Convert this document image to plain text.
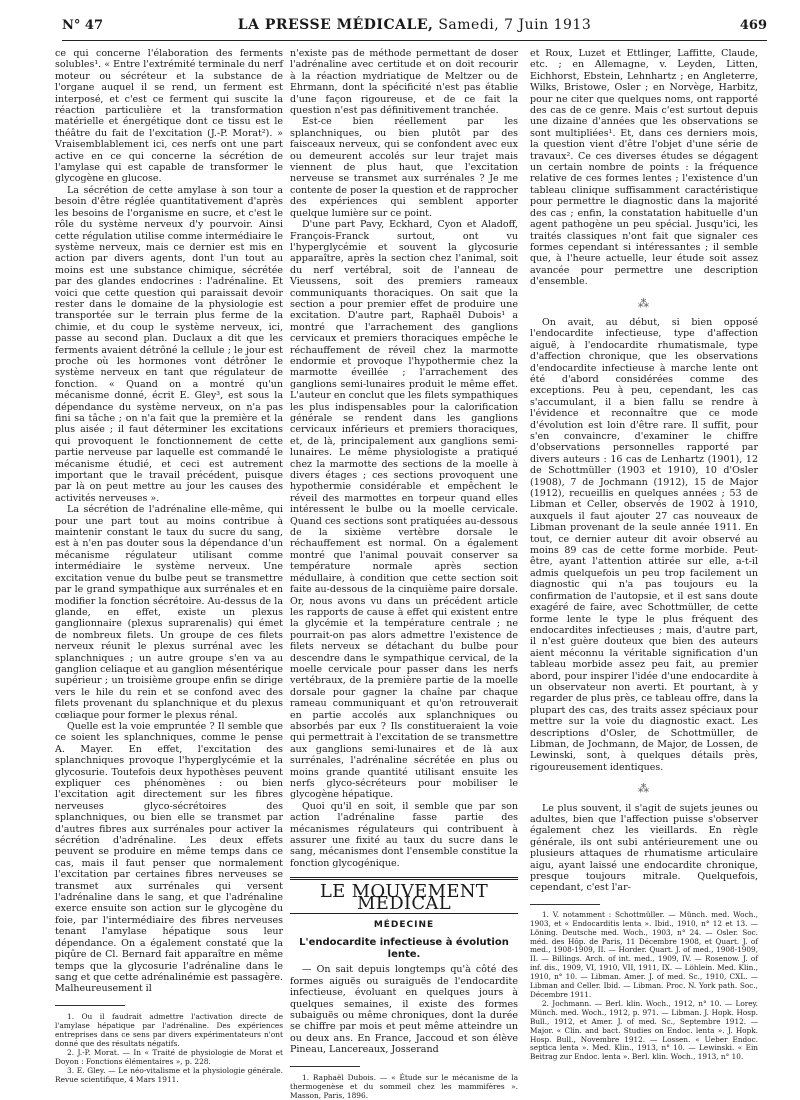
N° 47	LA PRESSE MÉDICALE, Samedi, 7 Juin 1913	469

ce qui concerne l'élaboration des ferments solubles¹. « Entre l'extrémité terminale du nerf moteur ou sécréteur et la substance de l'organe auquel il se rend, un ferment est interposé, et c'est ce ferment qui suscite la réaction particulière et la transformation matérielle et énergétique dont ce tissu est le théâtre du fait de l'excitation (J.-P. Morat²). » Vraisemblablement ici, ces nerfs ont une part active en ce qui concerne la sécrétion de l'amylase qui est capable de transformer le glycogène en glucose.

La sécrétion de cette amylase à son tour a besoin d'être réglée quantitativement d'après les besoins de l'organisme en sucre, et c'est le rôle du système nerveux d'y pourvoir. Ainsi cette régulation utilise comme intermédiaire le système nerveux, mais ce dernier est mis en action par divers agents, dont l'un tout au moins est une substance chimique, sécrétée par des glandes endocrines : l'adrénaline. Et voici que cette question qui paraissait devoir rester dans le domaine de la physiologie est transportée sur le terrain plus ferme de la chimie, et du coup le système nerveux, ici, passe au second plan. Duclaux a dit que les ferments avaient détrôné la cellule ; le jour est proche où les hormones vont détrôner le système nerveux en tant que régulateur de fonction. « Quand on a montré qu'un mécanisme donné, écrit E. Gley³, est sous la dépendance du système nerveux, on n'a pas fini sa tâche ; on n'a fait que la première et la plus aisée ; il faut déterminer les excitations qui provoquent le fonctionnement de cette partie nerveuse par laquelle est commandé le mécanisme étudié, et ceci est autrement important que le travail précédent, puisque par là on peut mettre au jour les causes des activités nerveuses ».

La sécrétion de l'adrénaline elle-même, qui pour une part tout au moins contribue à maintenir constant le taux du sucre du sang, est à n'en pas douter sous la dépendance d'un mécanisme régulateur utilisant comme intermédiaire le système nerveux. Une excitation venue du bulbe peut se transmettre par le grand sympathique aux surrénales et en modifier la fonction sécrétoire. Au-dessus de la glande, en effet, existe un plexus ganglionnaire (plexus suprarenalis) qui émet de nombreux filets. Un groupe de ces filets nerveux réunit le plexus surrénal avec les splanchniques ; un autre groupe s'en va au ganglion celiaque et au ganglion mésentérique supérieur ; un troisième groupe enfin se dirige vers le hile du rein et se confond avec des filets provenant du splanchnique et du plexus cœliaque pour former le plexus rénal.

Quelle est la voie empruntée ? Il semble que ce soient les splanchniques, comme le pense A. Mayer. En effet, l'excitation des splanchniques provoque l'hyperglycémie et la glycosurie. Toutefois deux hypothèses peuvent expliquer ces phénomènes : ou bien l'excitation agit directement sur les fibres nerveuses glyco-sécrétoires des splanchniques, ou bien elle se transmet par d'autres fibres aux surrénales pour activer la sécrétion d'adrénaline. Les deux effets peuvent se produire en même temps dans ce cas, mais il faut penser que normalement l'excitation par certaines fibres nerveuses se transmet aux surrénales qui versent l'adrénaline dans le sang, et que l'adrénaline exerce ensuite son action sur le glycogène du foie, par l'intermédiaire des fibres nerveuses tenant l'amylase hépatique sous leur dépendance. On a également constaté que la piqûre de Cl. Bernard fait apparaître en même temps que la glycosurie l'adrénaline dans le sang et que cette adrénalinémie est passagère. Malheureusement il

1. Ou il faudrait admettre l'activation directe de l'amylase hépatique par l'adrénaline. Des expériences entreprises dans ce sens par divers expérimentateurs n'ont donné que des résultats négatifs.

2. J.-P. Morat. — In « Traité de physiologie de Morat et Doyon : Fonctions élémentaires », p. 228.

3. E. Gley. — Le néo-vitalisme et la physiologie générale. Revue scientifique, 4 Mars 1911.

n'existe pas de méthode permettant de doser l'adrénaline avec certitude et on doit recourir à la réaction mydriatique de Meltzer ou de Ehrmann, dont la spécificité n'est pas établie d'une façon rigoureuse, et de ce fait la question n'est pas définitivement tranchée.

Est-ce bien réellement par les splanchniques, ou bien plutôt par des faisceaux nerveux, qui se confondent avec eux ou demeurent accolés sur leur trajet mais viennent de plus haut, que l'excitation nerveuse se transmet aux surrénales ? Je me contente de poser la question et de rapprocher des expériences qui semblent apporter quelque lumière sur ce point.

D'une part Pavy, Eckhard, Cyon et Aladoff, François-Franck surtout, ont vu l'hyperglycémie et souvent la glycosurie apparaître, après la section chez l'animal, soit du nerf vertébral, soit de l'anneau de Vieussens, soit des premiers rameaux communiquants thoraciques. On sait que la section a pour premier effet de produire une excitation. D'autre part, Raphaël Dubois¹ a montré que l'arrachement des ganglions cervicaux et premiers thoraciques empêche le réchauffement de réveil chez la marmotte endormie et provoque l'hypothermie chez la marmotte éveillée ; l'arrachement des ganglions semi-lunaires produit le même effet. L'auteur en conclut que les filets sympathiques les plus indispensables pour la calorification générale se rendent dans les ganglions cervicaux inférieurs et premiers thoraciques, et, de là, principalement aux ganglions semi-lunaires. Le même physiologiste a pratiqué chez la marmotte des sections de la moelle à divers étages ; ces sections provoquent une hypothermie considérable et empêchent le réveil des marmottes en torpeur quand elles intéressent le bulbe ou la moelle cervicale. Quand ces sections sont pratiquées au-dessous de la sixième vertèbre dorsale le réchauffement est normal. On a également montré que l'animal pouvait conserver sa température normale après section médullaire, à condition que cette section soit faite au-dessous de la cinquième paire dorsale. Or, nous avons vu dans un précédent article les rapports de cause à effet qui existent entre la glycémie et la température centrale ; ne pourrait-on pas alors admettre l'existence de filets nerveux se détachant du bulbe pour descendre dans le sympathique cervical, de la moelle cervicale pour passer dans les nerfs vertébraux, de la première partie de la moelle dorsale pour gagner la chaîne par chaque rameau communiquant et qu'on retrouverait en partie accolés aux splanchniques ou absorbés par eux ? Ils constitueraient la voie qui permettrait à l'excitation de se transmettre aux ganglions semi-lunaires et de là aux surrénales, l'adrénaline sécrétée en plus ou moins grande quantité utilisant ensuite les nerfs glyco-sécréteurs pour mobiliser le glycogène hépatique.

Quoi qu'il en soit, il semble que par son action l'adrénaline fasse partie des mécanismes régulateurs qui contribuent à assurer une fixité au taux du sucre dans le sang, mécanismes dont l'ensemble constitue la fonction glycogénique.

LE MOUVEMENT MÉDICAL
MÉDECINE
L'endocardite infectieuse à évolution lente.

— On sait depuis longtemps qu'à côté des formes aiguës ou suraiguës de l'endocardite infectieuse, évoluant en quelques jours à quelques semaines, il existe des formes subaiguës ou même chroniques, dont la durée se chiffre par mois et peut même atteindre un ou deux ans. En France, Jaccoud et son élève Pineau, Lancereaux, Josserand

1. Raphaël Dubois. — « Étude sur le mécanisme de la thermogenèse et du sommeil chez les mammifères ». Masson, Paris, 1896.

et Roux, Luzet et Ettlinger, Laffitte, Claude, etc. ; en Allemagne, v. Leyden, Litten, Eichhorst, Ebstein, Lehnhartz ; en Angleterre, Wilks, Bristowe, Osler ; en Norvège, Harbitz, pour ne citer que quelques noms, ont rapporté des cas de ce genre. Mais c'est surtout depuis une dizaine d'années que les observations se sont multipliées¹. Et, dans ces derniers mois, la question vient d'être l'objet d'une série de travaux². Ce ces diverses études se dégagent un certain nombre de points : la fréquence relative de ces formes lentes ; l'existence d'un tableau clinique suffisamment caractéristique pour permettre le diagnostic dans la majorité des cas ; enfin, la constatation habituelle d'un agent pathogène un peu spécial. Jusqu'ici, les traités classiques n'ont fait que signaler ces formes cependant si intéressantes ; il semble que, à l'heure actuelle, leur étude soit assez avancée pour permettre une description d'ensemble.

⁂

On avait, au début, si bien opposé l'endocardite infectieuse, type d'affection aiguë, à l'endocardite rhumatismale, type d'affection chronique, que les observations d'endocardite infectieuse à marche lente ont été d'abord considérées comme des exceptions. Peu à peu, cependant, les cas s'accumulant, il a bien fallu se rendre à l'évidence et reconnaître que ce mode d'évolution est loin d'être rare. Il suffit, pour s'en convaincre, d'examiner le chiffre d'observations personnelles rapporté par divers auteurs : 16 cas de Lenhartz (1901), 12 de Schottmüller (1903 et 1910), 10 d'Osler (1908), 7 de Jochmann (1912), 15 de Major (1912), recueillis en quelques années ; 53 de Libman et Celler, observés de 1902 à 1910, auxquels il faut ajouter 27 cas nouveaux de Libman provenant de la seule année 1911. En tout, ce dernier auteur dit avoir observé au moins 89 cas de cette forme morbide. Peut-être, ayant l'attention attirée sur elle, a-t-il admis quelquefois un peu trop facilement un diagnostic qui n'a pas toujours eu la confirmation de l'autopsie, et il est sans doute exagéré de faire, avec Schottmüller, de cette forme lente le type le plus fréquent des endocardites infectieuses ; mais, d'autre part, il n'est guère douteux que bien des auteurs aient méconnu la véritable signification d'un tableau morbide assez peu fait, au premier abord, pour inspirer l'idée d'une endocardite à un observateur non averti. Et pourtant, à y regarder de plus près, ce tableau offre, dans la plupart des cas, des traits assez spéciaux pour mettre sur la voie du diagnostic exact. Les descriptions d'Osler, de Schottmüller, de Libman, de Jochmann, de Major, de Lossen, de Lewinski, sont, à quelques détails près, rigoureusement identiques.

⁂

Le plus souvent, il s'agit de sujets jeunes ou adultes, bien que l'affection puisse s'observer également chez les vieillards. En règle générale, ils ont subi antérieurement une ou plusieurs attaques de rhumatisme articulaire aigu, ayant laissé une endocardite chronique, presque toujours mitrale. Quelquefois, cependant, c'est l'ar-

1. V. notamment : Schottmüller. — Münch. med. Woch., 1903, et « Endocarditis lenta ». Ibid., 1910, n° 12 et 13. — Löning. Deutsche med. Woch., 1903, n° 24. — Osler. Soc. méd. des Hôp. de Paris, 11 Décembre 1908, et Quart. J. of med., 1908-1909, II. — Horder. Quart. J. of med., 1908-1909, II. — Billings. Arch. of int. med., 1909, IV. — Rosenow. J. of inf. dis., 1909, VI, 1910, VII, 1911, IX. — Löhlein. Med. Klin., 1910, n° 10. — Libman. Amer. J. of med. Sc., 1910, CXL. — Libman and Celler. Ibid. — Libman. Proc. N. York path. Soc., Décembre 1911.

2. Jochmann. — Berl. klin. Woch., 1912, n° 10. — Lorey. Münch. med. Woch., 1912, p. 971. — Libman. J. Hopk. Hosp. Bull., 1912, et Amer. J. of med. Sc., Septembre 1912. — Major. « Clin. and bact. Studies on Endoc. lenta ». J. Hopk. Hosp. Bull., Novembre 1912. — Lossen. « Ueber Endoc. septica lenta ». Med. Klin., 1913, n° 10. — Lewinski. « Ein Beitrag zur Endoc. lenta ». Berl. klin. Woch., 1913, n° 10.
